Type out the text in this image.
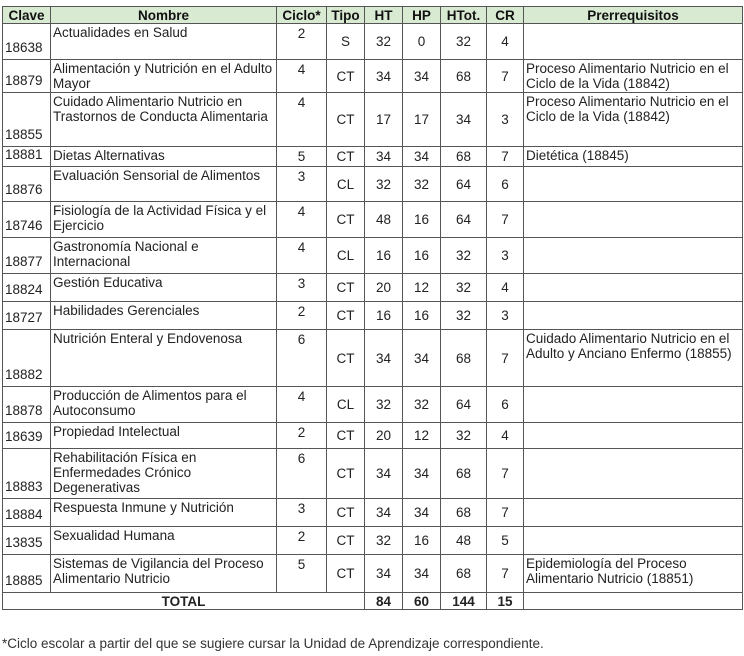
Clave	Nombre	Ciclo*	Tipo	HT	HP	HTot.	CR	Prerrequisitos
18638	Actualidades en Salud	2	S	32	0	32	4	
18879	Alimentación y Nutrición en el Adulto Mayor	4	CT	34	34	68	7	Proceso Alimentario Nutricio en el Ciclo de la Vida (18842)
18855	Cuidado Alimentario Nutricio en Trastornos de Conducta Alimentaria	4	CT	17	17	34	3	Proceso Alimentario Nutricio en el Ciclo de la Vida (18842)
18881	Dietas Alternativas	5	CT	34	34	68	7	Dietética (18845)
18876	Evaluación Sensorial de Alimentos	3	CL	32	32	64	6	
18746	Fisiología de la Actividad Física y el Ejercicio	4	CT	48	16	64	7	
18877	Gastronomía Nacional e Internacional	4	CL	16	16	32	3	
18824	Gestión Educativa	3	CT	20	12	32	4	
18727	Habilidades Gerenciales	2	CT	16	16	32	3	
18882	Nutrición Enteral y Endovenosa	6	CT	34	34	68	7	Cuidado Alimentario Nutricio en el Adulto y Anciano Enfermo (18855)
18878	Producción de Alimentos para el Autoconsumo	4	CL	32	32	64	6	
18639	Propiedad Intelectual	2	CT	20	12	32	4	
18883	Rehabilitación Física en Enfermedades Crónico Degenerativas	6	CT	34	34	68	7	
18884	Respuesta Inmune y Nutrición	3	CT	34	34	68	7	
13835	Sexualidad Humana	2	CT	32	16	48	5	
18885	Sistemas de Vigilancia del Proceso Alimentario Nutricio	5	CT	34	34	68	7	Epidemiología del Proceso Alimentario Nutricio (18851)
TOTAL				84	60	144	15	
*Ciclo escolar a partir del que se sugiere cursar la Unidad de Aprendizaje correspondiente.
